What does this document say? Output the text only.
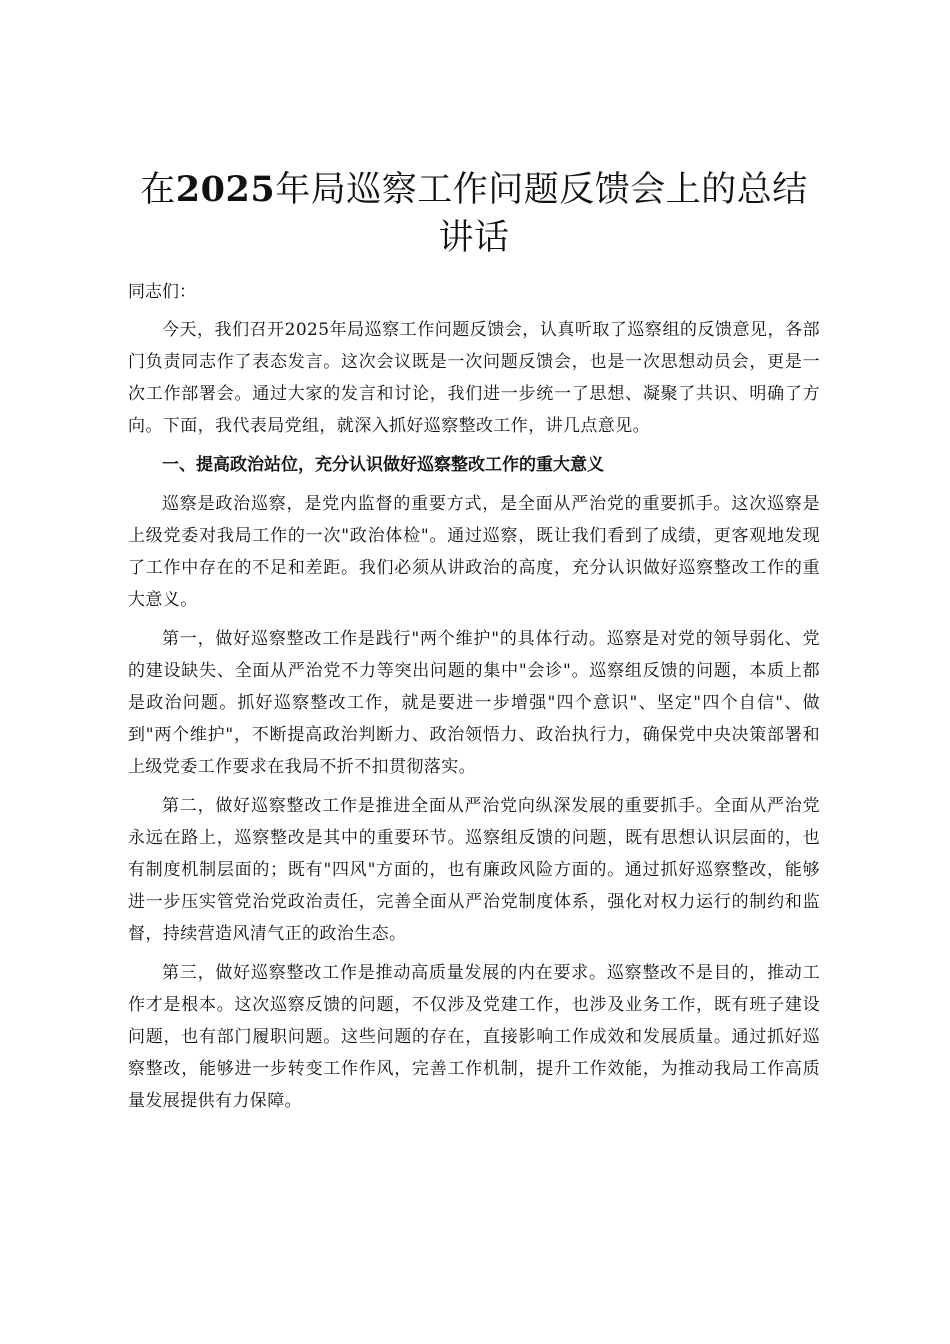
在2025年局巡察工作问题反馈会上的总结讲话

同志们：

今天，我们召开2025年局巡察工作问题反馈会，认真听取了巡察组的反馈意见，各部门负责同志作了表态发言。这次会议既是一次问题反馈会，也是一次思想动员会，更是一次工作部署会。通过大家的发言和讨论，我们进一步统一了思想、凝聚了共识、明确了方向。下面，我代表局党组，就深入抓好巡察整改工作，讲几点意见。

一、提高政治站位，充分认识做好巡察整改工作的重大意义

巡察是政治巡察，是党内监督的重要方式，是全面从严治党的重要抓手。这次巡察是上级党委对我局工作的一次"政治体检"。通过巡察，既让我们看到了成绩，更客观地发现了工作中存在的不足和差距。我们必须从讲政治的高度，充分认识做好巡察整改工作的重大意义。

第一，做好巡察整改工作是践行"两个维护"的具体行动。巡察是对党的领导弱化、党的建设缺失、全面从严治党不力等突出问题的集中"会诊"。巡察组反馈的问题，本质上都是政治问题。抓好巡察整改工作，就是要进一步增强"四个意识"、坚定"四个自信"、做到"两个维护"，不断提高政治判断力、政治领悟力、政治执行力，确保党中央决策部署和上级党委工作要求在我局不折不扣贯彻落实。

第二，做好巡察整改工作是推进全面从严治党向纵深发展的重要抓手。全面从严治党永远在路上，巡察整改是其中的重要环节。巡察组反馈的问题，既有思想认识层面的，也有制度机制层面的；既有"四风"方面的，也有廉政风险方面的。通过抓好巡察整改，能够进一步压实管党治党政治责任，完善全面从严治党制度体系，强化对权力运行的制约和监督，持续营造风清气正的政治生态。

第三，做好巡察整改工作是推动高质量发展的内在要求。巡察整改不是目的，推动工作才是根本。这次巡察反馈的问题，不仅涉及党建工作，也涉及业务工作，既有班子建设问题，也有部门履职问题。这些问题的存在，直接影响工作成效和发展质量。通过抓好巡察整改，能够进一步转变工作作风，完善工作机制，提升工作效能，为推动我局工作高质量发展提供有力保障。
